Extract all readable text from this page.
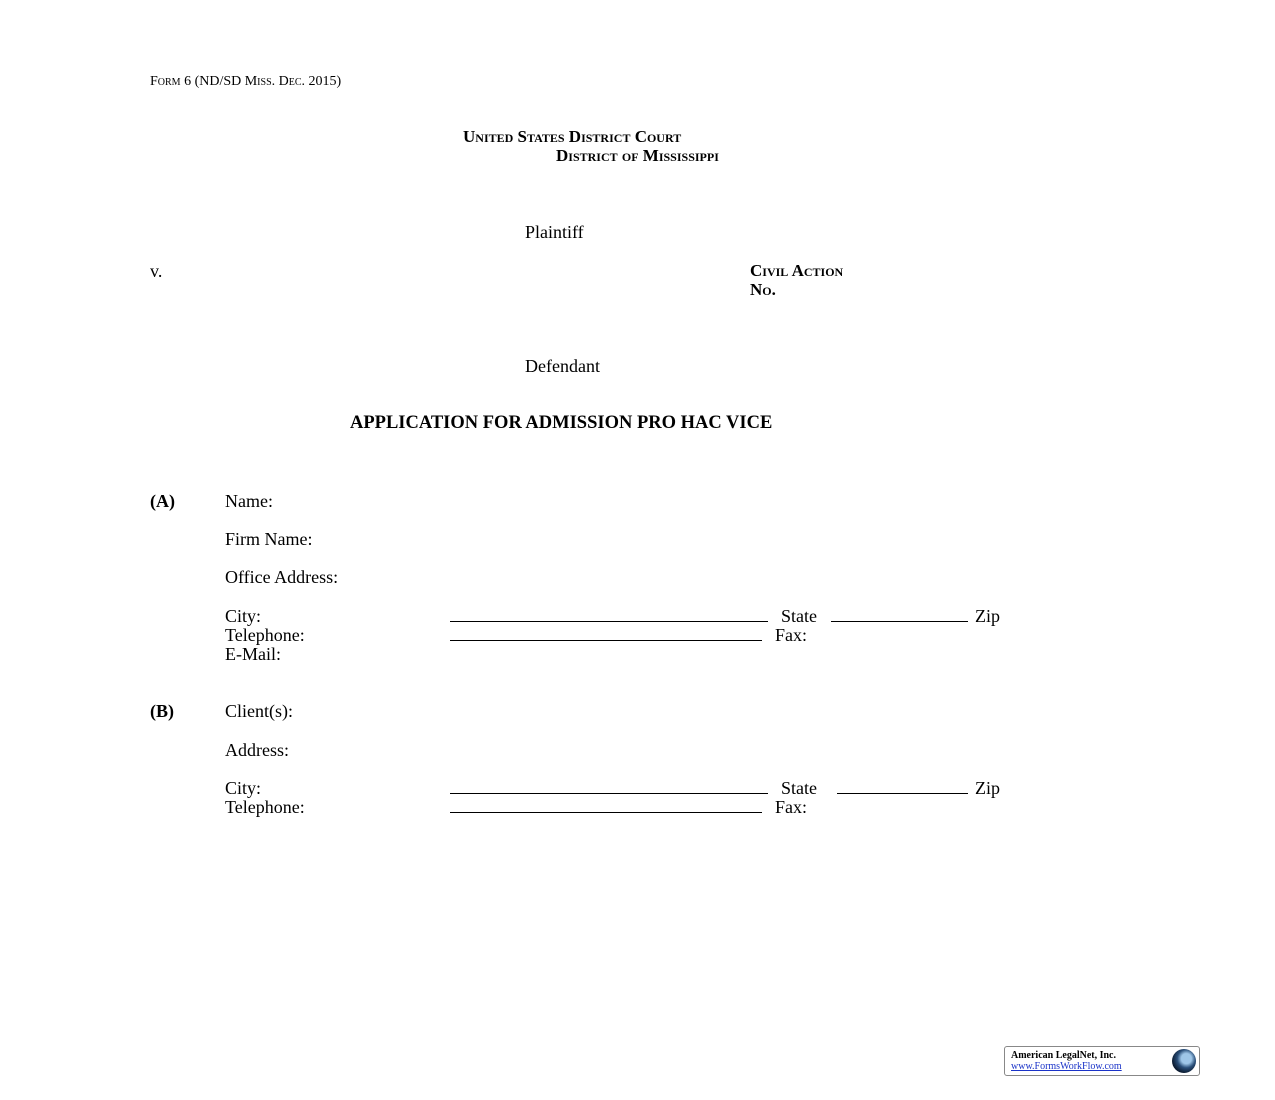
Form 6 (ND/SD Miss. Dec. 2015)
United States District Court
District of Mississippi
Plaintiff
v.	Civil Action
No.
Defendant
APPLICATION FOR ADMISSION PRO HAC VICE
(A)	Name:
Firm Name:
Office Address:
City:	State	Zip
Telephone:	Fax:
E-Mail:
(B)	Client(s):
Address:
City:	State	Zip
Telephone:	Fax:
American LegalNet, Inc.
www.FormsWorkFlow.com
